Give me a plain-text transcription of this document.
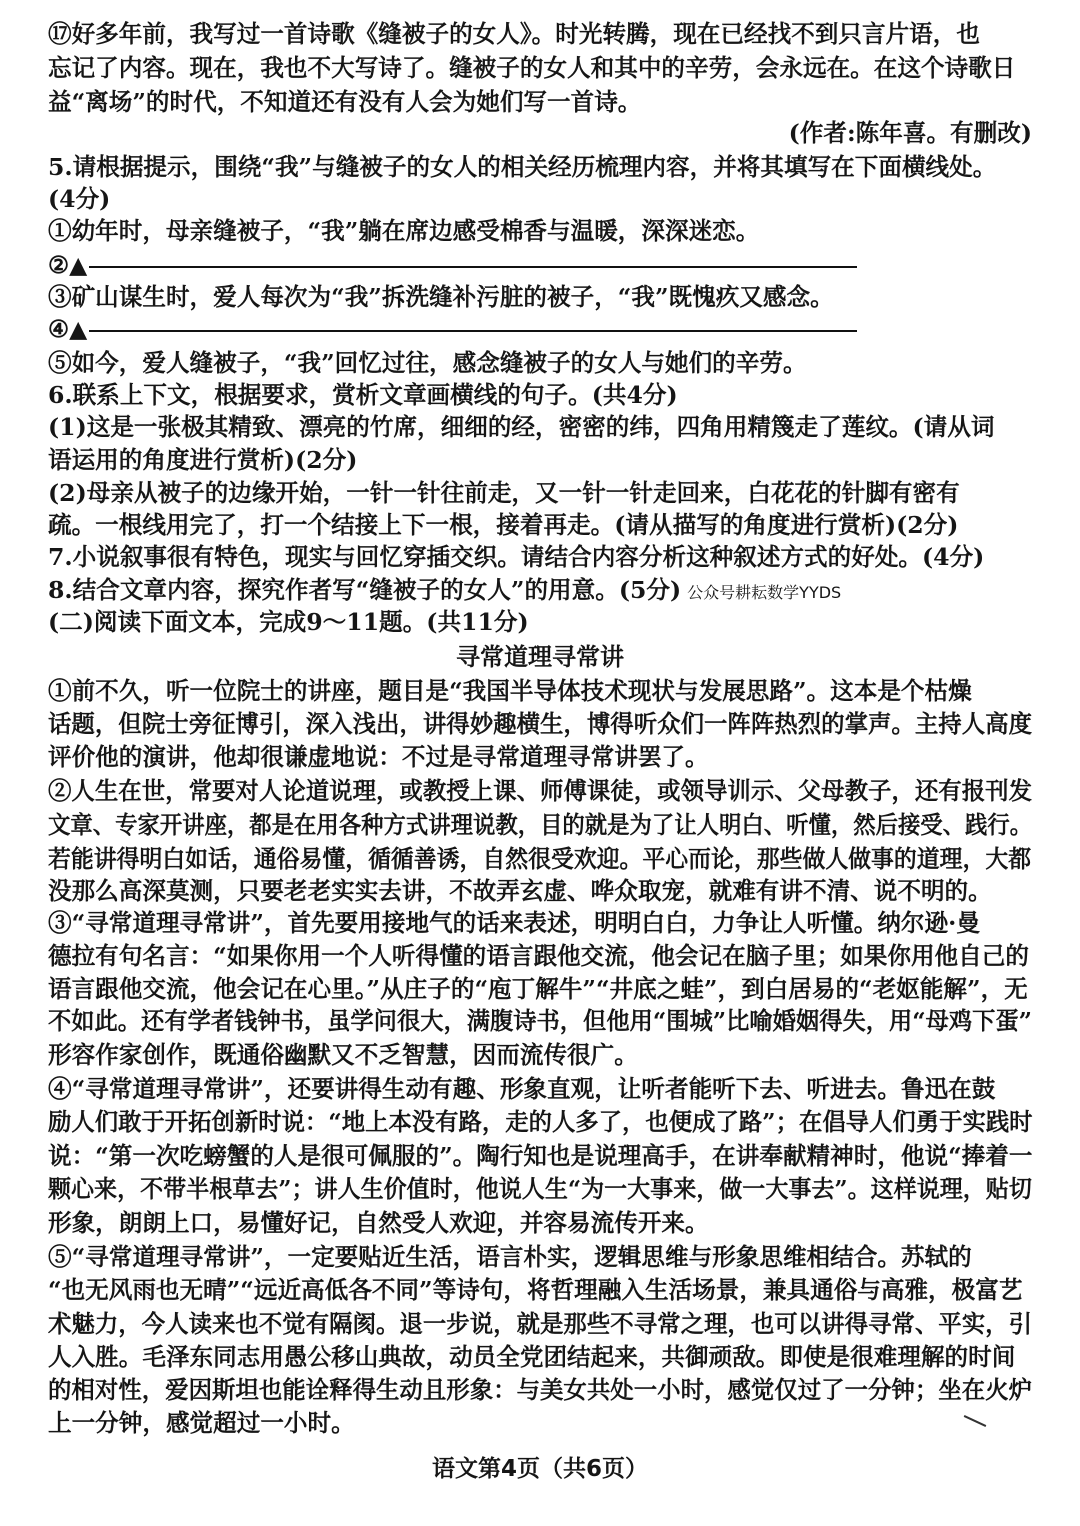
⑰好多年前，我写过一首诗歌《缝被子的女人》。时光转腾，现在已经找不到只言片语，也
忘记了内容。现在，我也不大写诗了。缝被子的女人和其中的辛劳，会永远在。在这个诗歌日
益“离场”的时代，不知道还有没有人会为她们写一首诗。
(作者:陈年喜。有删改)
5.请根据提示，围绕“我”与缝被子的女人的相关经历梳理内容，并将其填写在下面横线处。
(4分)
①幼年时，母亲缝被子，“我”躺在席边感受棉香与温暖，深深迷恋。
②▲
③矿山谋生时，爱人每次为“我”拆洗缝补污脏的被子，“我”既愧疚又感念。
④▲
⑤如今，爱人缝被子，“我”回忆过往，感念缝被子的女人与她们的辛劳。
6.联系上下文，根据要求，赏析文章画横线的句子。(共4分)
(1)这是一张极其精致、漂亮的竹席，细细的经，密密的纬，四角用精篾走了莲纹。(请从词
语运用的角度进行赏析)(2分)
(2)母亲从被子的边缘开始，一针一针往前走，又一针一针走回来，白花花的针脚有密有
疏。一根线用完了，打一个结接上下一根，接着再走。(请从描写的角度进行赏析)(2分)
7.小说叙事很有特色，现实与回忆穿插交织。请结合内容分析这种叙述方式的好处。(4分)
8.结合文章内容，探究作者写“缝被子的女人”的用意。(5分) 公众号耕耘数学YYDS
(二)阅读下面文本，完成9～11题。(共11分)
寻常道理寻常讲
①前不久，听一位院士的讲座，题目是“我国半导体技术现状与发展思路”。这本是个枯燥
话题，但院士旁征博引，深入浅出，讲得妙趣横生，博得听众们一阵阵热烈的掌声。主持人高度
评价他的演讲，他却很谦虚地说：不过是寻常道理寻常讲罢了。
②人生在世，常要对人论道说理，或教授上课、师傅课徒，或领导训示、父母教子，还有报刊发
文章、专家开讲座，都是在用各种方式讲理说教，目的就是为了让人明白、听懂，然后接受、践行。
若能讲得明白如话，通俗易懂，循循善诱，自然很受欢迎。平心而论，那些做人做事的道理，大都
没那么高深莫测，只要老老实实去讲，不故弄玄虚、哗众取宠，就难有讲不清、说不明的。
③“寻常道理寻常讲”，首先要用接地气的话来表述，明明白白，力争让人听懂。纳尔逊·曼
德拉有句名言：“如果你用一个人听得懂的语言跟他交流，他会记在脑子里；如果你用他自己的
语言跟他交流，他会记在心里。”从庄子的“庖丁解牛”“井底之蛙”，到白居易的“老妪能解”，无
不如此。还有学者钱钟书，虽学问很大，满腹诗书，但他用“围城”比喻婚姻得失，用“母鸡下蛋”
形容作家创作，既通俗幽默又不乏智慧，因而流传很广。
④“寻常道理寻常讲”，还要讲得生动有趣、形象直观，让听者能听下去、听进去。鲁迅在鼓
励人们敢于开拓创新时说：“地上本没有路，走的人多了，也便成了路”；在倡导人们勇于实践时
说：“第一次吃螃蟹的人是很可佩服的”。陶行知也是说理高手，在讲奉献精神时，他说“捧着一
颗心来，不带半根草去”；讲人生价值时，他说人生“为一大事来，做一大事去”。这样说理，贴切
形象，朗朗上口，易懂好记，自然受人欢迎，并容易流传开来。
⑤“寻常道理寻常讲”，一定要贴近生活，语言朴实，逻辑思维与形象思维相结合。苏轼的
“也无风雨也无晴”“远近高低各不同”等诗句，将哲理融入生活场景，兼具通俗与高雅，极富艺
术魅力，今人读来也不觉有隔阂。退一步说，就是那些不寻常之理，也可以讲得寻常、平实，引
人入胜。毛泽东同志用愚公移山典故，动员全党团结起来，共御顽敌。即使是很难理解的时间
的相对性，爱因斯坦也能诠释得生动且形象：与美女共处一小时，感觉仅过了一分钟；坐在火炉
上一分钟，感觉超过一小时。
语文第4页（共6页）
